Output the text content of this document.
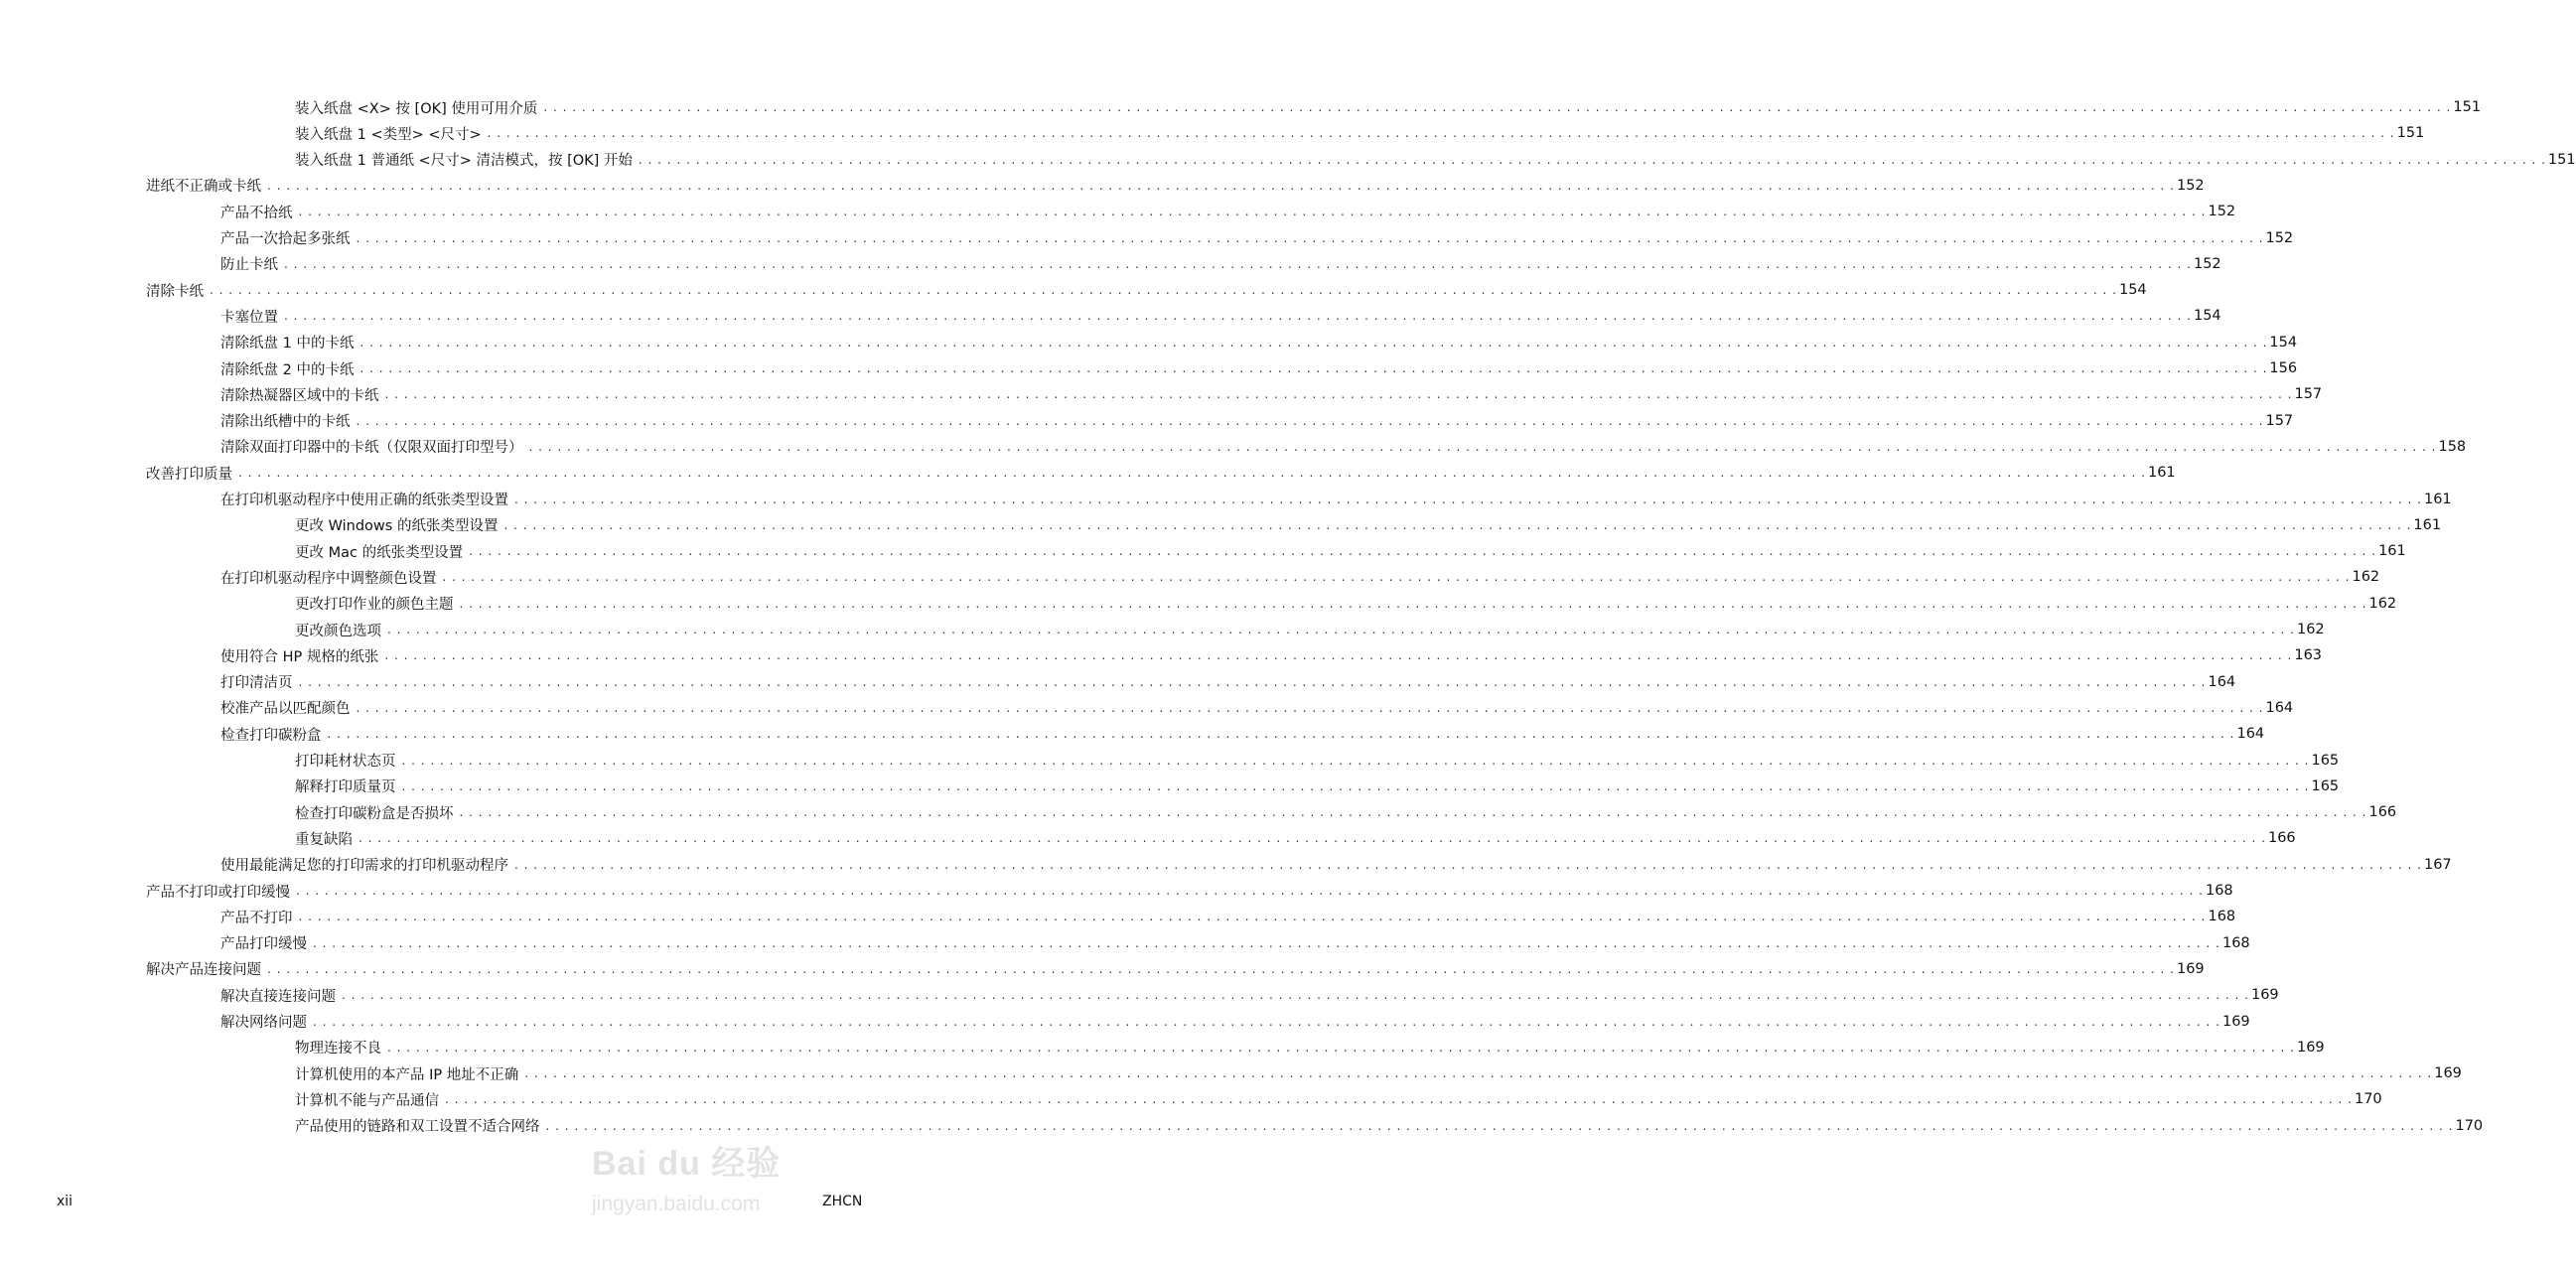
装入纸盘 <X> 按 [OK] 使用可用介质 . . . . . . . . . . . . . . . . . . . . . . . . . . . . . . . . . . . . . . . . . . . . . . . . . . . . . . . . . . . . . . . . . . . . . . . . . . . . . . . . . . . . . . . . . . . . . . . . . . . . . . . . . . . . . . . . . . . . . . . . . . . . . . . . . . . . . . . . . . . . . . . . . . . . . . . . . . . . . . . . . . . . . . . . . . . . . . . . . . . . . . . . . . . . . . . . . . . . . . . . 151
装入纸盘 1 <类型> <尺寸> . . . . . . . . . . . . . . . . . . . . . . . . . . . . . . . . . . . . . . . . . . . . . . . . . . . . . . . . . . . . . . . . . . . . . . . . . . . . . . . . . . . . . . . . . . . . . . . . . . . . . . . . . . . . . . . . . . . . . . . . . . . . . . . . . . . . . . . . . . . . . . . . . . . . . . . . . . . . . . . . . . . . . . . . . . . . . . . . . . . . . . . . . . . . . . . . . . . . . . . . 151
装入纸盘 1 普通纸 <尺寸> 清洁模式，按 [OK] 开始 . . . . . . . . . . . . . . . . . . . . . . . . . . . . . . . . . . . . . . . . . . . . . . . . . . . . . . . . . . . . . . . . . . . . . . . . . . . . . . . . . . . . . . . . . . . . . . . . . . . . . . . . . . . . . . . . . . . . . . . . . . . . . . . . . . . . . . . . . . . . . . . . . . . . . . . . . . . . . . . . . . . . . . . . . . . . . . . . . . . . . . . . . . . . . . . . . . . . . . . . 151
进纸不正确或卡纸 . . . . . . . . . . . . . . . . . . . . . . . . . . . . . . . . . . . . . . . . . . . . . . . . . . . . . . . . . . . . . . . . . . . . . . . . . . . . . . . . . . . . . . . . . . . . . . . . . . . . . . . . . . . . . . . . . . . . . . . . . . . . . . . . . . . . . . . . . . . . . . . . . . . . . . . . . . . . . . . . . . . . . . . . . . . . . . . . . . . . . . . . . . . . . . . . . . . . . . . . 152
产品不拾纸 . . . . . . . . . . . . . . . . . . . . . . . . . . . . . . . . . . . . . . . . . . . . . . . . . . . . . . . . . . . . . . . . . . . . . . . . . . . . . . . . . . . . . . . . . . . . . . . . . . . . . . . . . . . . . . . . . . . . . . . . . . . . . . . . . . . . . . . . . . . . . . . . . . . . . . . . . . . . . . . . . . . . . . . . . . . . . . . . . . . . . . . . . . . . . . . . . . . . . . . . 152
产品一次拾起多张纸 . . . . . . . . . . . . . . . . . . . . . . . . . . . . . . . . . . . . . . . . . . . . . . . . . . . . . . . . . . . . . . . . . . . . . . . . . . . . . . . . . . . . . . . . . . . . . . . . . . . . . . . . . . . . . . . . . . . . . . . . . . . . . . . . . . . . . . . . . . . . . . . . . . . . . . . . . . . . . . . . . . . . . . . . . . . . . . . . . . . . . . . . . . . . . . . . . . . . . . . . 152
防止卡纸 . . . . . . . . . . . . . . . . . . . . . . . . . . . . . . . . . . . . . . . . . . . . . . . . . . . . . . . . . . . . . . . . . . . . . . . . . . . . . . . . . . . . . . . . . . . . . . . . . . . . . . . . . . . . . . . . . . . . . . . . . . . . . . . . . . . . . . . . . . . . . . . . . . . . . . . . . . . . . . . . . . . . . . . . . . . . . . . . . . . . . . . . . . . . . . . . . . . . . . . . 152
清除卡纸 . . . . . . . . . . . . . . . . . . . . . . . . . . . . . . . . . . . . . . . . . . . . . . . . . . . . . . . . . . . . . . . . . . . . . . . . . . . . . . . . . . . . . . . . . . . . . . . . . . . . . . . . . . . . . . . . . . . . . . . . . . . . . . . . . . . . . . . . . . . . . . . . . . . . . . . . . . . . . . . . . . . . . . . . . . . . . . . . . . . . . . . . . . . . . . . . . . . . . . . . 154
卡塞位置 . . . . . . . . . . . . . . . . . . . . . . . . . . . . . . . . . . . . . . . . . . . . . . . . . . . . . . . . . . . . . . . . . . . . . . . . . . . . . . . . . . . . . . . . . . . . . . . . . . . . . . . . . . . . . . . . . . . . . . . . . . . . . . . . . . . . . . . . . . . . . . . . . . . . . . . . . . . . . . . . . . . . . . . . . . . . . . . . . . . . . . . . . . . . . . . . . . . . . . . . 154
清除纸盘 1 中的卡纸 . . . . . . . . . . . . . . . . . . . . . . . . . . . . . . . . . . . . . . . . . . . . . . . . . . . . . . . . . . . . . . . . . . . . . . . . . . . . . . . . . . . . . . . . . . . . . . . . . . . . . . . . . . . . . . . . . . . . . . . . . . . . . . . . . . . . . . . . . . . . . . . . . . . . . . . . . . . . . . . . . . . . . . . . . . . . . . . . . . . . . . . . . . . . . . . . . . . . . . . . 154
清除纸盘 2 中的卡纸 . . . . . . . . . . . . . . . . . . . . . . . . . . . . . . . . . . . . . . . . . . . . . . . . . . . . . . . . . . . . . . . . . . . . . . . . . . . . . . . . . . . . . . . . . . . . . . . . . . . . . . . . . . . . . . . . . . . . . . . . . . . . . . . . . . . . . . . . . . . . . . . . . . . . . . . . . . . . . . . . . . . . . . . . . . . . . . . . . . . . . . . . . . . . . . . . . . . . . . . . 156
清除热凝器区域中的卡纸 . . . . . . . . . . . . . . . . . . . . . . . . . . . . . . . . . . . . . . . . . . . . . . . . . . . . . . . . . . . . . . . . . . . . . . . . . . . . . . . . . . . . . . . . . . . . . . . . . . . . . . . . . . . . . . . . . . . . . . . . . . . . . . . . . . . . . . . . . . . . . . . . . . . . . . . . . . . . . . . . . . . . . . . . . . . . . . . . . . . . . . . . . . . . . . . . . . . . . . . . 157
清除出纸槽中的卡纸 . . . . . . . . . . . . . . . . . . . . . . . . . . . . . . . . . . . . . . . . . . . . . . . . . . . . . . . . . . . . . . . . . . . . . . . . . . . . . . . . . . . . . . . . . . . . . . . . . . . . . . . . . . . . . . . . . . . . . . . . . . . . . . . . . . . . . . . . . . . . . . . . . . . . . . . . . . . . . . . . . . . . . . . . . . . . . . . . . . . . . . . . . . . . . . . . . . . . . . . . 157
清除双面打印器中的卡纸（仅限双面打印型号） . . . . . . . . . . . . . . . . . . . . . . . . . . . . . . . . . . . . . . . . . . . . . . . . . . . . . . . . . . . . . . . . . . . . . . . . . . . . . . . . . . . . . . . . . . . . . . . . . . . . . . . . . . . . . . . . . . . . . . . . . . . . . . . . . . . . . . . . . . . . . . . . . . . . . . . . . . . . . . . . . . . . . . . . . . . . . . . . . . . . . . . . . . . . . . . . . . . . . . . . 158
改善打印质量 . . . . . . . . . . . . . . . . . . . . . . . . . . . . . . . . . . . . . . . . . . . . . . . . . . . . . . . . . . . . . . . . . . . . . . . . . . . . . . . . . . . . . . . . . . . . . . . . . . . . . . . . . . . . . . . . . . . . . . . . . . . . . . . . . . . . . . . . . . . . . . . . . . . . . . . . . . . . . . . . . . . . . . . . . . . . . . . . . . . . . . . . . . . . . . . . . . . . . . . . 161
在打印机驱动程序中使用正确的纸张类型设置 . . . . . . . . . . . . . . . . . . . . . . . . . . . . . . . . . . . . . . . . . . . . . . . . . . . . . . . . . . . . . . . . . . . . . . . . . . . . . . . . . . . . . . . . . . . . . . . . . . . . . . . . . . . . . . . . . . . . . . . . . . . . . . . . . . . . . . . . . . . . . . . . . . . . . . . . . . . . . . . . . . . . . . . . . . . . . . . . . . . . . . . . . . . . . . . . . . . . . . . . 161
更改 Windows 的纸张类型设置 . . . . . . . . . . . . . . . . . . . . . . . . . . . . . . . . . . . . . . . . . . . . . . . . . . . . . . . . . . . . . . . . . . . . . . . . . . . . . . . . . . . . . . . . . . . . . . . . . . . . . . . . . . . . . . . . . . . . . . . . . . . . . . . . . . . . . . . . . . . . . . . . . . . . . . . . . . . . . . . . . . . . . . . . . . . . . . . . . . . . . . . . . . . . . . . . . . . . . . . . 161
更改 Mac 的纸张类型设置 . . . . . . . . . . . . . . . . . . . . . . . . . . . . . . . . . . . . . . . . . . . . . . . . . . . . . . . . . . . . . . . . . . . . . . . . . . . . . . . . . . . . . . . . . . . . . . . . . . . . . . . . . . . . . . . . . . . . . . . . . . . . . . . . . . . . . . . . . . . . . . . . . . . . . . . . . . . . . . . . . . . . . . . . . . . . . . . . . . . . . . . . . . . . . . . . . . . . . . . . 161
在打印机驱动程序中调整颜色设置 . . . . . . . . . . . . . . . . . . . . . . . . . . . . . . . . . . . . . . . . . . . . . . . . . . . . . . . . . . . . . . . . . . . . . . . . . . . . . . . . . . . . . . . . . . . . . . . . . . . . . . . . . . . . . . . . . . . . . . . . . . . . . . . . . . . . . . . . . . . . . . . . . . . . . . . . . . . . . . . . . . . . . . . . . . . . . . . . . . . . . . . . . . . . . . . . . . . . . . . . 162
更改打印作业的颜色主题 . . . . . . . . . . . . . . . . . . . . . . . . . . . . . . . . . . . . . . . . . . . . . . . . . . . . . . . . . . . . . . . . . . . . . . . . . . . . . . . . . . . . . . . . . . . . . . . . . . . . . . . . . . . . . . . . . . . . . . . . . . . . . . . . . . . . . . . . . . . . . . . . . . . . . . . . . . . . . . . . . . . . . . . . . . . . . . . . . . . . . . . . . . . . . . . . . . . . . . . . 162
更改颜色选项 . . . . . . . . . . . . . . . . . . . . . . . . . . . . . . . . . . . . . . . . . . . . . . . . . . . . . . . . . . . . . . . . . . . . . . . . . . . . . . . . . . . . . . . . . . . . . . . . . . . . . . . . . . . . . . . . . . . . . . . . . . . . . . . . . . . . . . . . . . . . . . . . . . . . . . . . . . . . . . . . . . . . . . . . . . . . . . . . . . . . . . . . . . . . . . . . . . . . . . . . 162
使用符合 HP 规格的纸张 . . . . . . . . . . . . . . . . . . . . . . . . . . . . . . . . . . . . . . . . . . . . . . . . . . . . . . . . . . . . . . . . . . . . . . . . . . . . . . . . . . . . . . . . . . . . . . . . . . . . . . . . . . . . . . . . . . . . . . . . . . . . . . . . . . . . . . . . . . . . . . . . . . . . . . . . . . . . . . . . . . . . . . . . . . . . . . . . . . . . . . . . . . . . . . . . . . . . . . . . 163
打印清洁页 . . . . . . . . . . . . . . . . . . . . . . . . . . . . . . . . . . . . . . . . . . . . . . . . . . . . . . . . . . . . . . . . . . . . . . . . . . . . . . . . . . . . . . . . . . . . . . . . . . . . . . . . . . . . . . . . . . . . . . . . . . . . . . . . . . . . . . . . . . . . . . . . . . . . . . . . . . . . . . . . . . . . . . . . . . . . . . . . . . . . . . . . . . . . . . . . . . . . . . . . 164
校准产品以匹配颜色 . . . . . . . . . . . . . . . . . . . . . . . . . . . . . . . . . . . . . . . . . . . . . . . . . . . . . . . . . . . . . . . . . . . . . . . . . . . . . . . . . . . . . . . . . . . . . . . . . . . . . . . . . . . . . . . . . . . . . . . . . . . . . . . . . . . . . . . . . . . . . . . . . . . . . . . . . . . . . . . . . . . . . . . . . . . . . . . . . . . . . . . . . . . . . . . . . . . . . . . . 164
检查打印碳粉盒 . . . . . . . . . . . . . . . . . . . . . . . . . . . . . . . . . . . . . . . . . . . . . . . . . . . . . . . . . . . . . . . . . . . . . . . . . . . . . . . . . . . . . . . . . . . . . . . . . . . . . . . . . . . . . . . . . . . . . . . . . . . . . . . . . . . . . . . . . . . . . . . . . . . . . . . . . . . . . . . . . . . . . . . . . . . . . . . . . . . . . . . . . . . . . . . . . . . . . . . . 164
打印耗材状态页 . . . . . . . . . . . . . . . . . . . . . . . . . . . . . . . . . . . . . . . . . . . . . . . . . . . . . . . . . . . . . . . . . . . . . . . . . . . . . . . . . . . . . . . . . . . . . . . . . . . . . . . . . . . . . . . . . . . . . . . . . . . . . . . . . . . . . . . . . . . . . . . . . . . . . . . . . . . . . . . . . . . . . . . . . . . . . . . . . . . . . . . . . . . . . . . . . . . . . . . . 165
解释打印质量页 . . . . . . . . . . . . . . . . . . . . . . . . . . . . . . . . . . . . . . . . . . . . . . . . . . . . . . . . . . . . . . . . . . . . . . . . . . . . . . . . . . . . . . . . . . . . . . . . . . . . . . . . . . . . . . . . . . . . . . . . . . . . . . . . . . . . . . . . . . . . . . . . . . . . . . . . . . . . . . . . . . . . . . . . . . . . . . . . . . . . . . . . . . . . . . . . . . . . . . . . 165
检查打印碳粉盒是否损坏 . . . . . . . . . . . . . . . . . . . . . . . . . . . . . . . . . . . . . . . . . . . . . . . . . . . . . . . . . . . . . . . . . . . . . . . . . . . . . . . . . . . . . . . . . . . . . . . . . . . . . . . . . . . . . . . . . . . . . . . . . . . . . . . . . . . . . . . . . . . . . . . . . . . . . . . . . . . . . . . . . . . . . . . . . . . . . . . . . . . . . . . . . . . . . . . . . . . . . . . . 166
重复缺陷 . . . . . . . . . . . . . . . . . . . . . . . . . . . . . . . . . . . . . . . . . . . . . . . . . . . . . . . . . . . . . . . . . . . . . . . . . . . . . . . . . . . . . . . . . . . . . . . . . . . . . . . . . . . . . . . . . . . . . . . . . . . . . . . . . . . . . . . . . . . . . . . . . . . . . . . . . . . . . . . . . . . . . . . . . . . . . . . . . . . . . . . . . . . . . . . . . . . . . . . . 166
使用最能满足您的打印需求的打印机驱动程序 . . . . . . . . . . . . . . . . . . . . . . . . . . . . . . . . . . . . . . . . . . . . . . . . . . . . . . . . . . . . . . . . . . . . . . . . . . . . . . . . . . . . . . . . . . . . . . . . . . . . . . . . . . . . . . . . . . . . . . . . . . . . . . . . . . . . . . . . . . . . . . . . . . . . . . . . . . . . . . . . . . . . . . . . . . . . . . . . . . . . . . . . . . . . . . . . . . . . . . . . 167
产品不打印或打印缓慢 . . . . . . . . . . . . . . . . . . . . . . . . . . . . . . . . . . . . . . . . . . . . . . . . . . . . . . . . . . . . . . . . . . . . . . . . . . . . . . . . . . . . . . . . . . . . . . . . . . . . . . . . . . . . . . . . . . . . . . . . . . . . . . . . . . . . . . . . . . . . . . . . . . . . . . . . . . . . . . . . . . . . . . . . . . . . . . . . . . . . . . . . . . . . . . . . . . . . . . . . 168
产品不打印 . . . . . . . . . . . . . . . . . . . . . . . . . . . . . . . . . . . . . . . . . . . . . . . . . . . . . . . . . . . . . . . . . . . . . . . . . . . . . . . . . . . . . . . . . . . . . . . . . . . . . . . . . . . . . . . . . . . . . . . . . . . . . . . . . . . . . . . . . . . . . . . . . . . . . . . . . . . . . . . . . . . . . . . . . . . . . . . . . . . . . . . . . . . . . . . . . . . . . . . . 168
产品打印缓慢 . . . . . . . . . . . . . . . . . . . . . . . . . . . . . . . . . . . . . . . . . . . . . . . . . . . . . . . . . . . . . . . . . . . . . . . . . . . . . . . . . . . . . . . . . . . . . . . . . . . . . . . . . . . . . . . . . . . . . . . . . . . . . . . . . . . . . . . . . . . . . . . . . . . . . . . . . . . . . . . . . . . . . . . . . . . . . . . . . . . . . . . . . . . . . . . . . . . . . . . . 168
解决产品连接问题 . . . . . . . . . . . . . . . . . . . . . . . . . . . . . . . . . . . . . . . . . . . . . . . . . . . . . . . . . . . . . . . . . . . . . . . . . . . . . . . . . . . . . . . . . . . . . . . . . . . . . . . . . . . . . . . . . . . . . . . . . . . . . . . . . . . . . . . . . . . . . . . . . . . . . . . . . . . . . . . . . . . . . . . . . . . . . . . . . . . . . . . . . . . . . . . . . . . . . . . . 169
解决直接连接问题 . . . . . . . . . . . . . . . . . . . . . . . . . . . . . . . . . . . . . . . . . . . . . . . . . . . . . . . . . . . . . . . . . . . . . . . . . . . . . . . . . . . . . . . . . . . . . . . . . . . . . . . . . . . . . . . . . . . . . . . . . . . . . . . . . . . . . . . . . . . . . . . . . . . . . . . . . . . . . . . . . . . . . . . . . . . . . . . . . . . . . . . . . . . . . . . . . . . . . . . . 169
解决网络问题 . . . . . . . . . . . . . . . . . . . . . . . . . . . . . . . . . . . . . . . . . . . . . . . . . . . . . . . . . . . . . . . . . . . . . . . . . . . . . . . . . . . . . . . . . . . . . . . . . . . . . . . . . . . . . . . . . . . . . . . . . . . . . . . . . . . . . . . . . . . . . . . . . . . . . . . . . . . . . . . . . . . . . . . . . . . . . . . . . . . . . . . . . . . . . . . . . . . . . . . . 169
物理连接不良 . . . . . . . . . . . . . . . . . . . . . . . . . . . . . . . . . . . . . . . . . . . . . . . . . . . . . . . . . . . . . . . . . . . . . . . . . . . . . . . . . . . . . . . . . . . . . . . . . . . . . . . . . . . . . . . . . . . . . . . . . . . . . . . . . . . . . . . . . . . . . . . . . . . . . . . . . . . . . . . . . . . . . . . . . . . . . . . . . . . . . . . . . . . . . . . . . . . . . . . . 169
计算机使用的本产品 IP 地址不正确 . . . . . . . . . . . . . . . . . . . . . . . . . . . . . . . . . . . . . . . . . . . . . . . . . . . . . . . . . . . . . . . . . . . . . . . . . . . . . . . . . . . . . . . . . . . . . . . . . . . . . . . . . . . . . . . . . . . . . . . . . . . . . . . . . . . . . . . . . . . . . . . . . . . . . . . . . . . . . . . . . . . . . . . . . . . . . . . . . . . . . . . . . . . . . . . . . . . . . . . . 169
计算机不能与产品通信 . . . . . . . . . . . . . . . . . . . . . . . . . . . . . . . . . . . . . . . . . . . . . . . . . . . . . . . . . . . . . . . . . . . . . . . . . . . . . . . . . . . . . . . . . . . . . . . . . . . . . . . . . . . . . . . . . . . . . . . . . . . . . . . . . . . . . . . . . . . . . . . . . . . . . . . . . . . . . . . . . . . . . . . . . . . . . . . . . . . . . . . . . . . . . . . . . . . . . . . . 170
产品使用的链路和双工设置不适合网络 . . . . . . . . . . . . . . . . . . . . . . . . . . . . . . . . . . . . . . . . . . . . . . . . . . . . . . . . . . . . . . . . . . . . . . . . . . . . . . . . . . . . . . . . . . . . . . . . . . . . . . . . . . . . . . . . . . . . . . . . . . . . . . . . . . . . . . . . . . . . . . . . . . . . . . . . . . . . . . . . . . . . . . . . . . . . . . . . . . . . . . . . . . . . . . . . . . . . . . . . 170
Bai du 经验
jingyan.baidu.com
xii	ZHCN
